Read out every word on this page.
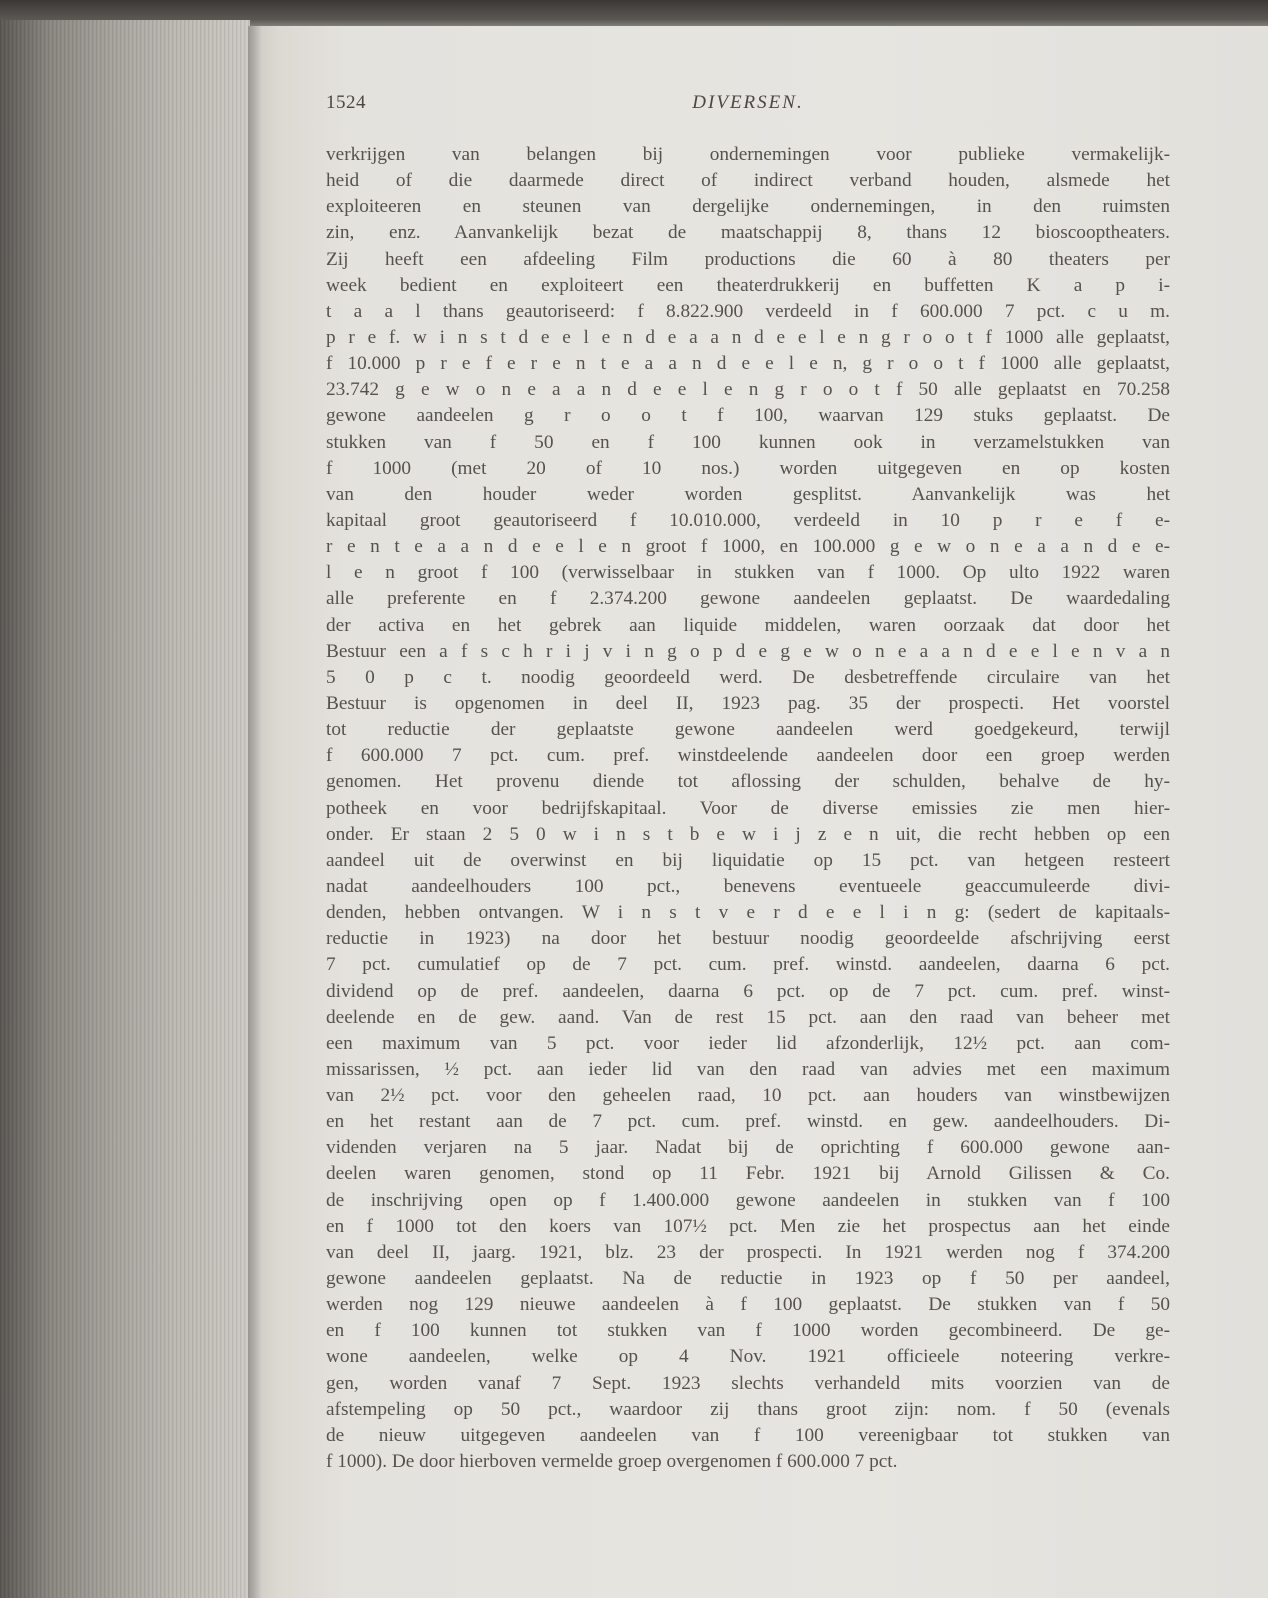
1524	DIVERSEN.
verkrijgen van belangen bij ondernemingen voor publieke vermakelijk-
heid of die daarmede direct of indirect verband houden, alsmede het
exploiteeren en steunen van dergelijke ondernemingen, in den ruimsten
zin, enz. Aanvankelijk bezat de maatschappij 8, thans 12 bioscooptheaters.
Zij heeft een afdeeling Film productions die 60 à 80 theaters per
week bedient en exploiteert een theaterdrukkerij en buffetten K a p i-
t a a l thans geautoriseerd: f 8.822.900 verdeeld in f 600.000 7 pct. c u m.
p r e f. w i n s t d e e l e n d e a a n d e e l e n g r o o t f 1000 alle geplaatst,
f 10.000 p r e f e r e n t e a a n d e e l e n, g r o o t f 1000 alle geplaatst,
23.742 g e w o n e a a n d e e l e n g r o o t f 50 alle geplaatst en 70.258
gewone aandeelen g r o o t f 100, waarvan 129 stuks geplaatst. De
stukken van f 50 en f 100 kunnen ook in verzamelstukken van
f 1000 (met 20 of 10 nos.) worden uitgegeven en op kosten
van den houder weder worden gesplitst. Aanvankelijk was het
kapitaal groot geautoriseerd f 10.010.000, verdeeld in 10 p r e f e-
r e n t e a a n d e e l e n groot f 1000, en 100.000 g e w o n e a a n d e e-
l e n groot f 100 (verwisselbaar in stukken van f 1000. Op ulto 1922 waren
alle preferente en f 2.374.200 gewone aandeelen geplaatst. De waardedaling
der activa en het gebrek aan liquide middelen, waren oorzaak dat door het
Bestuur een a f s c h r i j v i n g o p d e g e w o n e a a n d e e l e n v a n
5 0 p c t. noodig geoordeeld werd. De desbetreffende circulaire van het
Bestuur is opgenomen in deel II, 1923 pag. 35 der prospecti. Het voorstel
tot reductie der geplaatste gewone aandeelen werd goedgekeurd, terwijl
f 600.000 7 pct. cum. pref. winstdeelende aandeelen door een groep werden
genomen. Het provenu diende tot aflossing der schulden, behalve de hy-
potheek en voor bedrijfskapitaal. Voor de diverse emissies zie men hier-
onder. Er staan 2 5 0 w i n s t b e w i j z e n uit, die recht hebben op een
aandeel uit de overwinst en bij liquidatie op 15 pct. van hetgeen resteert
nadat aandeelhouders 100 pct., benevens eventueele geaccumuleerde divi-
denden, hebben ontvangen. W i n s t v e r d e e l i n g: (sedert de kapitaals-
reductie in 1923) na door het bestuur noodig geoordeelde afschrijving eerst
7 pct. cumulatief op de 7 pct. cum. pref. winstd. aandeelen, daarna 6 pct.
dividend op de pref. aandeelen, daarna 6 pct. op de 7 pct. cum. pref. winst-
deelende en de gew. aand. Van de rest 15 pct. aan den raad van beheer met
een maximum van 5 pct. voor ieder lid afzonderlijk, 12½ pct. aan com-
missarissen, ½ pct. aan ieder lid van den raad van advies met een maximum
van 2½ pct. voor den geheelen raad, 10 pct. aan houders van winstbewijzen
en het restant aan de 7 pct. cum. pref. winstd. en gew. aandeelhouders. Di-
videnden verjaren na 5 jaar. Nadat bij de oprichting f 600.000 gewone aan-
deelen waren genomen, stond op 11 Febr. 1921 bij Arnold Gilissen & Co.
de inschrijving open op f 1.400.000 gewone aandeelen in stukken van f 100
en f 1000 tot den koers van 107½ pct. Men zie het prospectus aan het einde
van deel II, jaarg. 1921, blz. 23 der prospecti. In 1921 werden nog f 374.200
gewone aandeelen geplaatst. Na de reductie in 1923 op f 50 per aandeel,
werden nog 129 nieuwe aandeelen à f 100 geplaatst. De stukken van f 50
en f 100 kunnen tot stukken van f 1000 worden gecombineerd. De ge-
wone aandeelen, welke op 4 Nov. 1921 officieele noteering verkre-
gen, worden vanaf 7 Sept. 1923 slechts verhandeld mits voorzien van de
afstempeling op 50 pct., waardoor zij thans groot zijn: nom. f 50 (evenals
de nieuw uitgegeven aandeelen van f 100 vereenigbaar tot stukken van
f 1000). De door hierboven vermelde groep overgenomen f 600.000 7 pct.
